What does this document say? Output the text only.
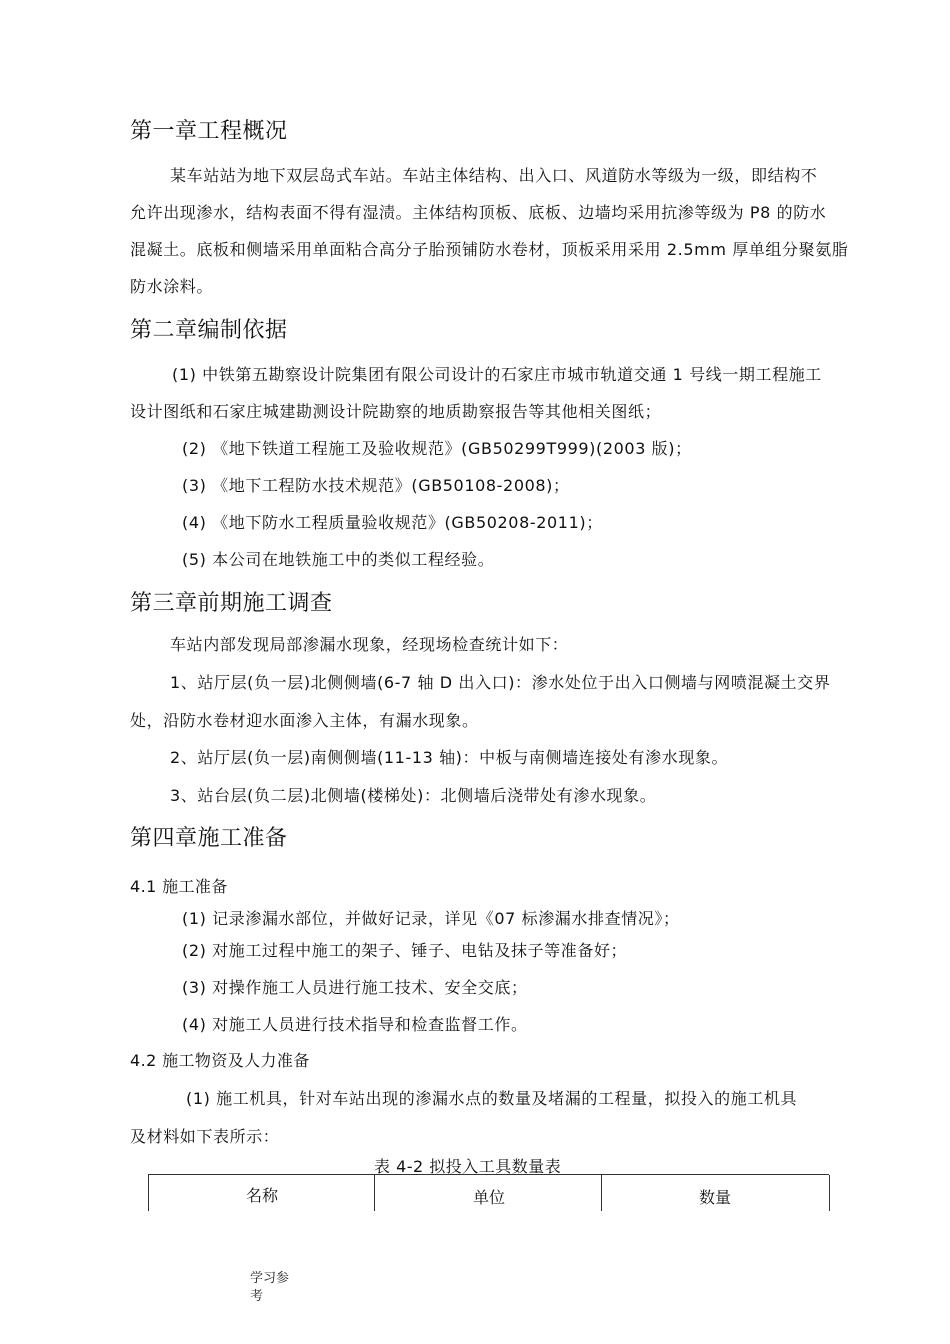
第一章工程概况
某车站站为地下双层岛式车站。车站主体结构、出入口、风道防水等级为一级，即结构不
允许出现渗水，结构表面不得有湿渍。主体结构顶板、底板、边墙均采用抗渗等级为 P8 的防水
混凝土。底板和侧墙采用单面粘合高分子胎预铺防水卷材，顶板采用采用 2.5mm 厚单组分聚氨脂
防水涂料。
第二章编制依据
(1) 中铁第五勘察设计院集团有限公司设计的石家庄市城市轨道交通 1 号线一期工程施工
设计图纸和石家庄城建勘测设计院勘察的地质勘察报告等其他相关图纸；
(2) 《地下铁道工程施工及验收规范》(GB50299T999)(2003 版)；
(3) 《地下工程防水技术规范》(GB50108-2008)；
(4) 《地下防水工程质量验收规范》(GB50208-2011)；
(5) 本公司在地铁施工中的类似工程经验。
第三章前期施工调查
车站内部发现局部渗漏水现象，经现场检查统计如下：
1、站厅层(负一层)北侧侧墙(6-7 轴 D 出入口)：渗水处位于出入口侧墙与网喷混凝土交界
处，沿防水卷材迎水面渗入主体，有漏水现象。
2、站厅层(负一层)南侧侧墙(11-13 轴)：中板与南侧墙连接处有渗水现象。
3、站台层(负二层)北侧墙(楼梯处)：北侧墙后浇带处有渗水现象。
第四章施工准备
4.1 施工准备
(1) 记录渗漏水部位，并做好记录，详见《07 标渗漏水排查情况》；
(2) 对施工过程中施工的架子、锤子、电钻及抹子等准备好；
(3) 对操作施工人员进行施工技术、安全交底；
(4) 对施工人员进行技术指导和检查监督工作。
4.2 施工物资及人力准备
(1) 施工机具，针对车站出现的渗漏水点的数量及堵漏的工程量，拟投入的施工机具
及材料如下表所示：
表 4-2 拟投入工具数量表
名称	单位	数量
学习参
考
